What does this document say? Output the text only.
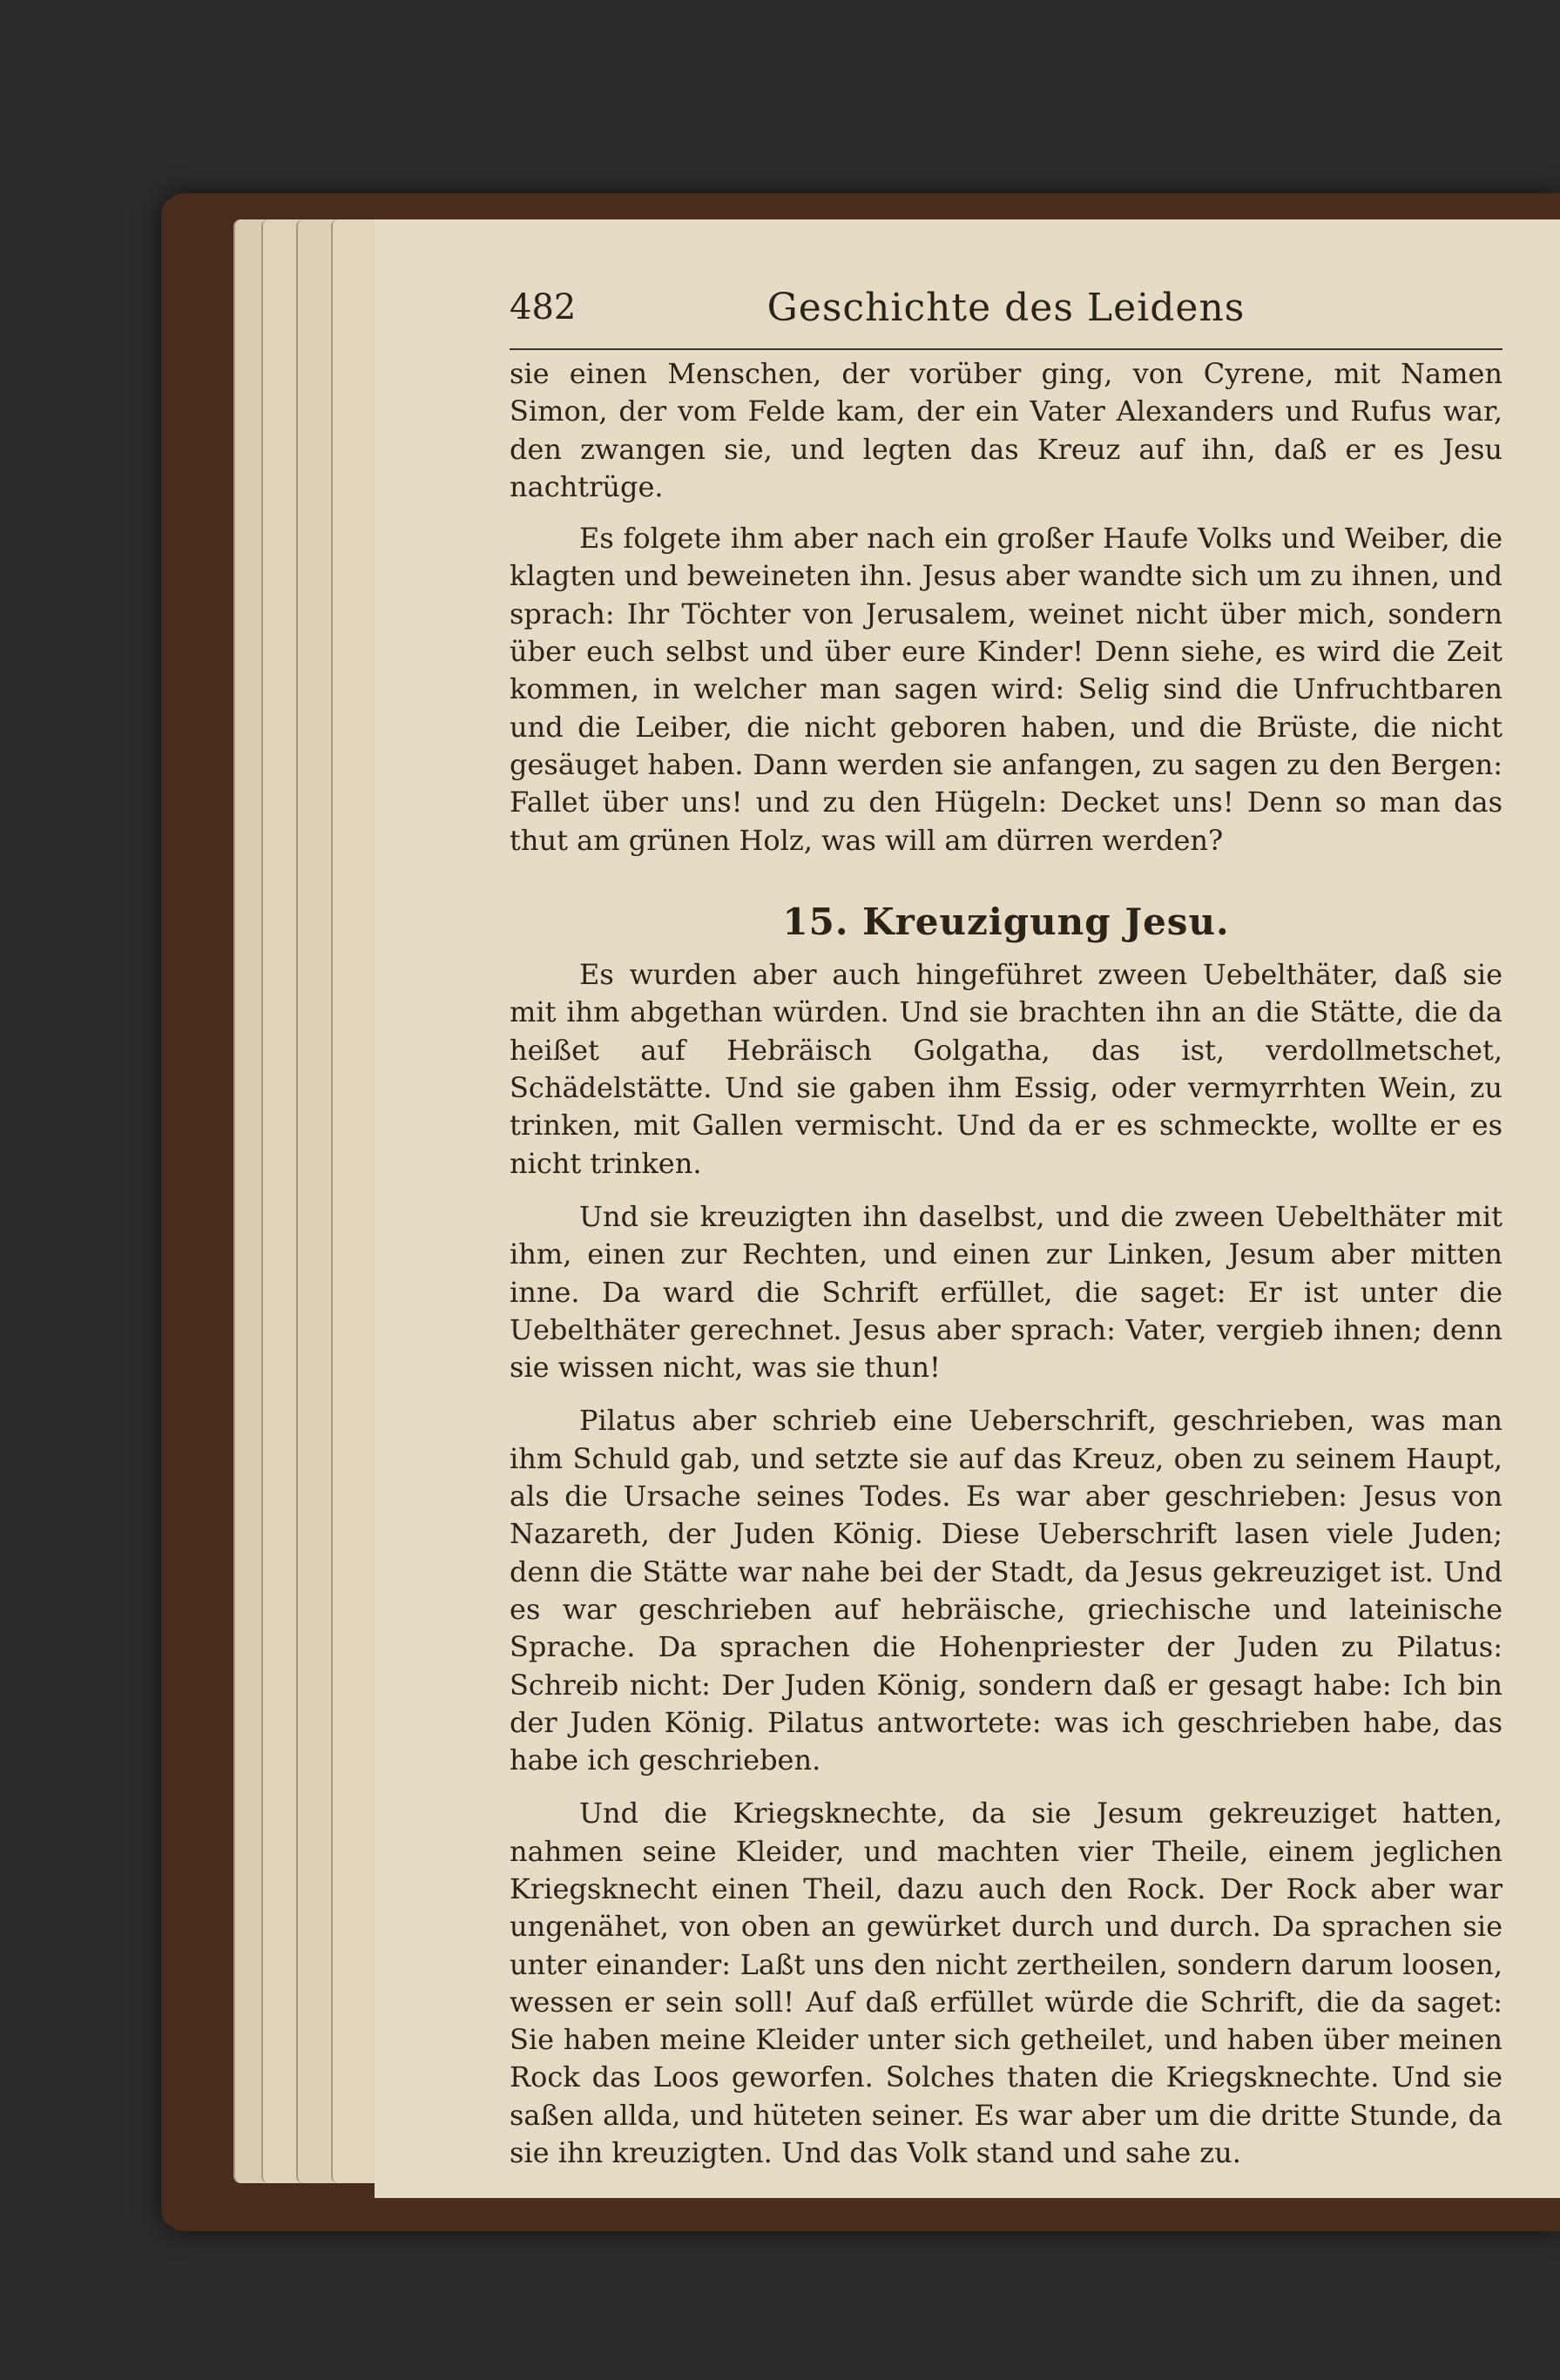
482	Geschichte des Leidens

sie einen Menschen, der vorüber ging, von Cyrene, mit Namen Simon, der vom Felde kam, der ein Vater Alexanders und Rufus war, den zwangen sie, und legten das Kreuz auf ihn, daß er es Jesu nachtrüge.

Es folgete ihm aber nach ein großer Haufe Volks und Weiber, die klagten und beweineten ihn. Jesus aber wandte sich um zu ihnen, und sprach: Ihr Töchter von Jerusalem, weinet nicht über mich, sondern über euch selbst und über eure Kinder! Denn siehe, es wird die Zeit kommen, in welcher man sagen wird: Selig sind die Unfruchtbaren und die Leiber, die nicht geboren haben, und die Brüste, die nicht gesäuget haben. Dann werden sie anfangen, zu sagen zu den Bergen: Fallet über uns! und zu den Hügeln: Decket uns! Denn so man das thut am grünen Holz, was will am dürren werden?

15. Kreuzigung Jesu.

Es wurden aber auch hingeführet zween Uebelthäter, daß sie mit ihm abgethan würden. Und sie brachten ihn an die Stätte, die da heißet auf Hebräisch Golgatha, das ist, verdollmetschet, Schädelstätte. Und sie gaben ihm Essig, oder vermyrrhten Wein, zu trinken, mit Gallen vermischt. Und da er es schmeckte, wollte er es nicht trinken.

Und sie kreuzigten ihn daselbst, und die zween Uebelthäter mit ihm, einen zur Rechten, und einen zur Linken, Jesum aber mitten inne. Da ward die Schrift erfüllet, die saget: Er ist unter die Uebelthäter gerechnet. Jesus aber sprach: Vater, vergieb ihnen; denn sie wissen nicht, was sie thun!

Pilatus aber schrieb eine Ueberschrift, geschrieben, was man ihm Schuld gab, und setzte sie auf das Kreuz, oben zu seinem Haupt, als die Ursache seines Todes. Es war aber geschrieben: Jesus von Nazareth, der Juden König. Diese Ueberschrift lasen viele Juden; denn die Stätte war nahe bei der Stadt, da Jesus gekreuziget ist. Und es war geschrieben auf hebräische, griechische und lateinische Sprache. Da sprachen die Hohenpriester der Juden zu Pilatus: Schreib nicht: Der Juden König, sondern daß er gesagt habe: Ich bin der Juden König. Pilatus antwortete: was ich geschrieben habe, das habe ich geschrieben.

Und die Kriegsknechte, da sie Jesum gekreuziget hatten, nahmen seine Kleider, und machten vier Theile, einem jeglichen Kriegsknecht einen Theil, dazu auch den Rock. Der Rock aber war ungenähet, von oben an gewürket durch und durch. Da sprachen sie unter einander: Laßt uns den nicht zertheilen, sondern darum loosen, wessen er sein soll! Auf daß erfüllet würde die Schrift, die da saget: Sie haben meine Kleider unter sich getheilet, und haben über meinen Rock das Loos geworfen. Solches thaten die Kriegsknechte. Und sie saßen allda, und hüteten seiner. Es war aber um die dritte Stunde, da sie ihn kreuzigten. Und das Volk stand und sahe zu.
